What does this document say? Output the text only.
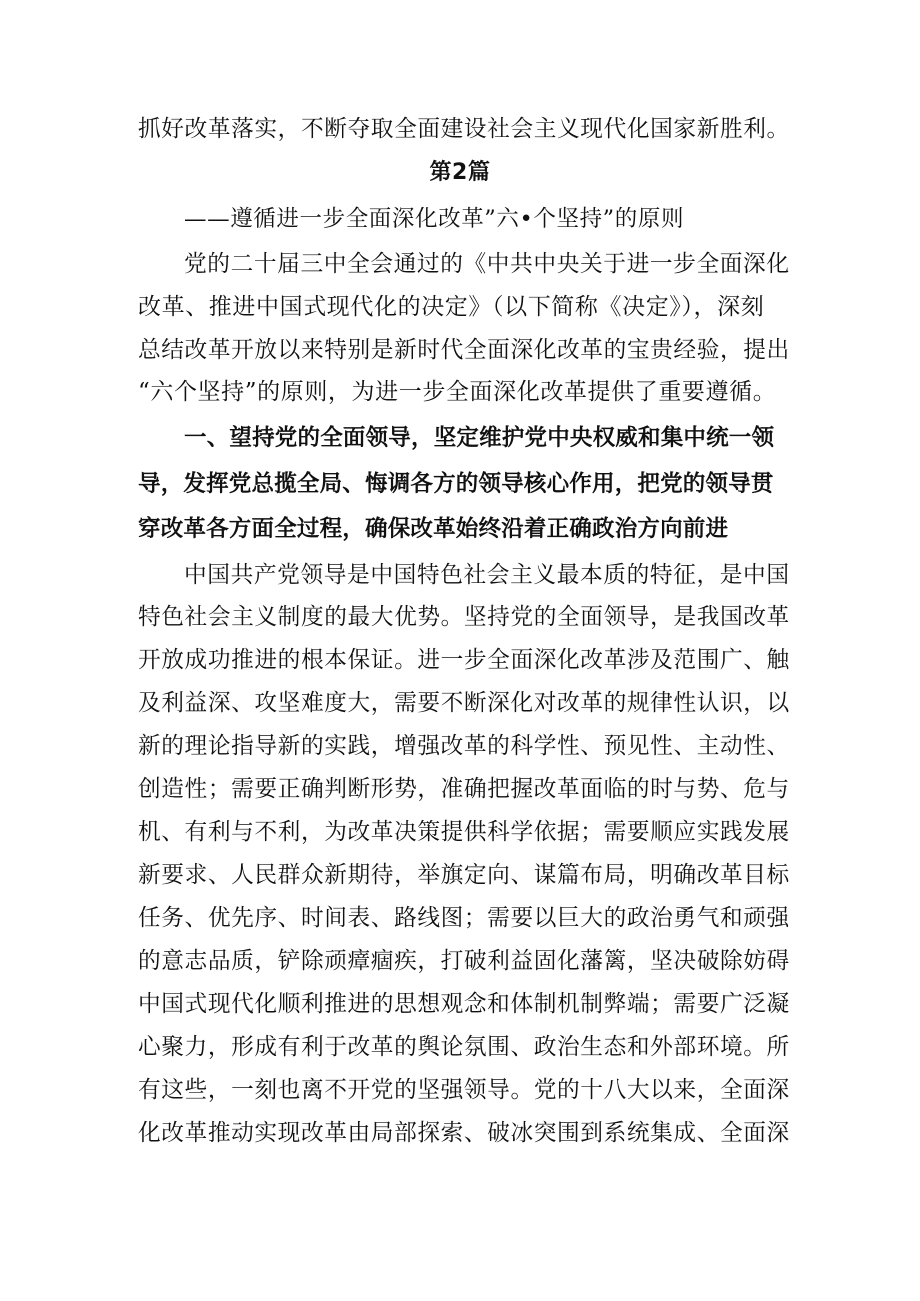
抓好改革落实，不断夺取全面建设社会主义现代化国家新胜利。
第2篇
——遵循进一步全面深化改革”六•个坚持”的原则
党的二十届三中全会通过的《中共中央关于进一步全面深化
改革、推进中国式现代化的决定》（以下简称《决定》），深刻
总结改革开放以来特别是新时代全面深化改革的宝贵经验，提出
“六个坚持”的原则，为进一步全面深化改革提供了重要遵循。
一、望持党的全面领导，坚定维护党中央权威和集中统一领
导，发挥党总揽全局、悔调各方的领导核心作用，把党的领导贯
穿改革各方面全过程，确保改革始终沿着正确政治方向前进
中国共产党领导是中国特色社会主义最本质的特征，是中国
特色社会主义制度的最大优势。坚持党的全面领导，是我国改革
开放成功推进的根本保证。进一步全面深化改革涉及范围广、触
及利益深、攻坚难度大，需要不断深化对改革的规律性认识，以
新的理论指导新的实践，增强改革的科学性、预见性、主动性、
创造性；需要正确判断形势，准确把握改革面临的时与势、危与
机、有利与不利，为改革决策提供科学依据；需要顺应实践发展
新要求、人民群众新期待，举旗定向、谋篇布局，明确改革目标
任务、优先序、时间表、路线图；需要以巨大的政治勇气和顽强
的意志品质，铲除顽瘴痼疾，打破利益固化藩篱，坚决破除妨碍
中国式现代化顺利推进的思想观念和体制机制弊端；需要广泛凝
心聚力，形成有利于改革的舆论氛围、政治生态和外部环境。所
有这些，一刻也离不开党的坚强领导。党的十八大以来，全面深
化改革推动实现改革由局部探索、破冰突围到系统集成、全面深
